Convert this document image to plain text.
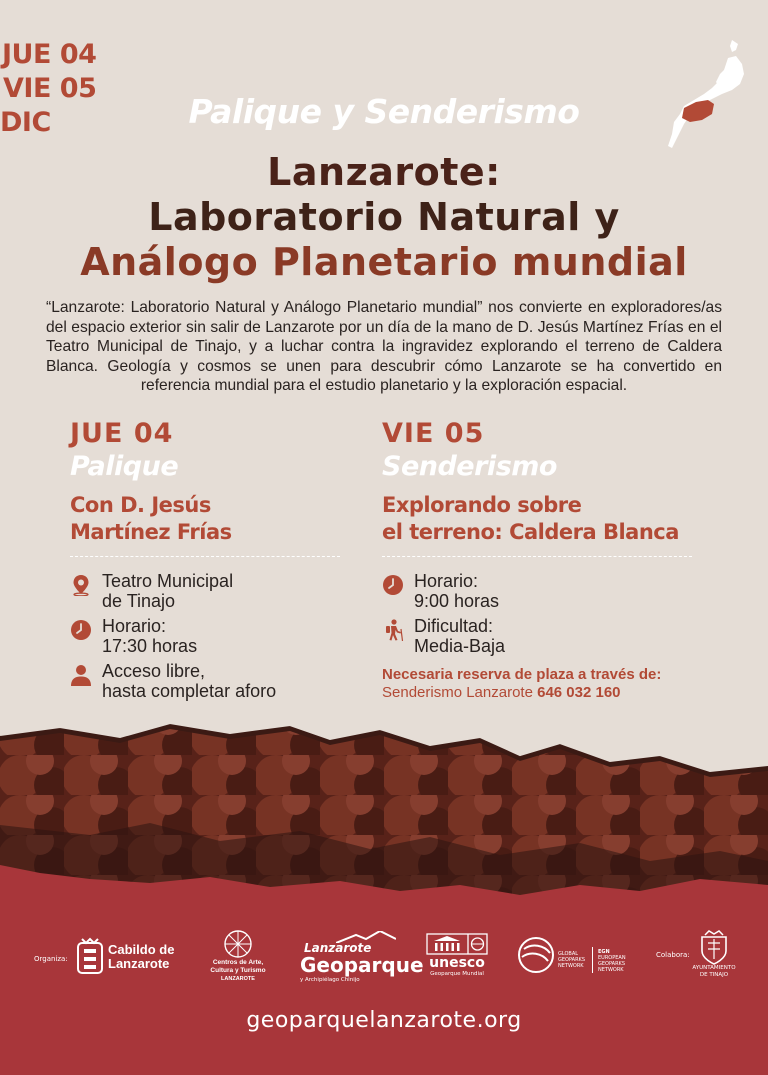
JUE 04
VIE 05
DIC	Palique y Senderismo
Lanzarote:
Laboratorio Natural y
Análogo Planetario mundial
“Lanzarote: Laboratorio Natural y Análogo Planetario mundial” nos convierte en exploradores/as del espacio exterior sin salir de Lanzarote por un día de la mano de D. Jesús Martínez Frías en el Teatro Municipal de Tinajo, y a luchar contra la ingravidez explorando el terreno de Caldera Blanca. Geología y cosmos se unen para descubrir cómo Lanzarote se ha convertido en referencia mundial para el estudio planetario y la exploración espacial.
JUE 04
Palique
Con D. Jesús
Martínez Frías
Teatro Municipal
de Tinajo
Horario:
17:30 horas
Acceso libre,
hasta completar aforo
VIE 05
Senderismo
Explorando sobre
el terreno: Caldera Blanca
Horario:
9:00 horas
Dificultad:
Media-Baja
Necesaria reserva de plaza a través de:
Senderismo Lanzarote 646 032 160
Organiza:
Cabildo de
Lanzarote	Centros de Arte,
Cultura y Turismo
LANZAROTE
Lanzarote
Geoparque
y Archipiélago Chinijo
unesco
Geoparque Mundial
GLOBAL
GEOPARKS
NETWORK
EGN
EUROPEAN
GEOPARKS
NETWORK
Colabora:
AYUNTAMIENTO
DE TINAJO
geoparquelanzarote.org
